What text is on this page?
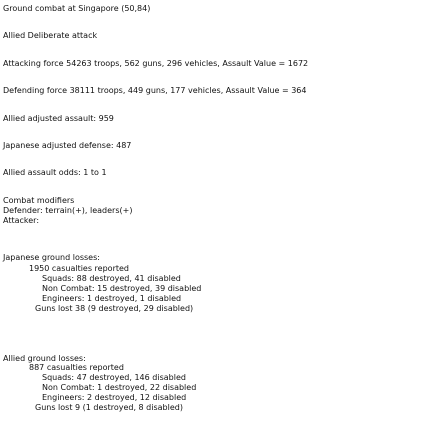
Ground combat at Singapore (50,84)
Allied Deliberate attack
Attacking force 54263 troops, 562 guns, 296 vehicles, Assault Value = 1672
Defending force 38111 troops, 449 guns, 177 vehicles, Assault Value = 364
Allied adjusted assault: 959
Japanese adjusted defense: 487
Allied assault odds: 1 to 1
Combat modifiers
Defender: terrain(+), leaders(+)
Attacker:
Japanese ground losses:
1950 casualties reported
Squads: 88 destroyed, 41 disabled
Non Combat: 15 destroyed, 39 disabled
Engineers: 1 destroyed, 1 disabled
Guns lost 38 (9 destroyed, 29 disabled)
Allied ground losses:
887 casualties reported
Squads: 47 destroyed, 146 disabled
Non Combat: 1 destroyed, 22 disabled
Engineers: 2 destroyed, 12 disabled
Guns lost 9 (1 destroyed, 8 disabled)
